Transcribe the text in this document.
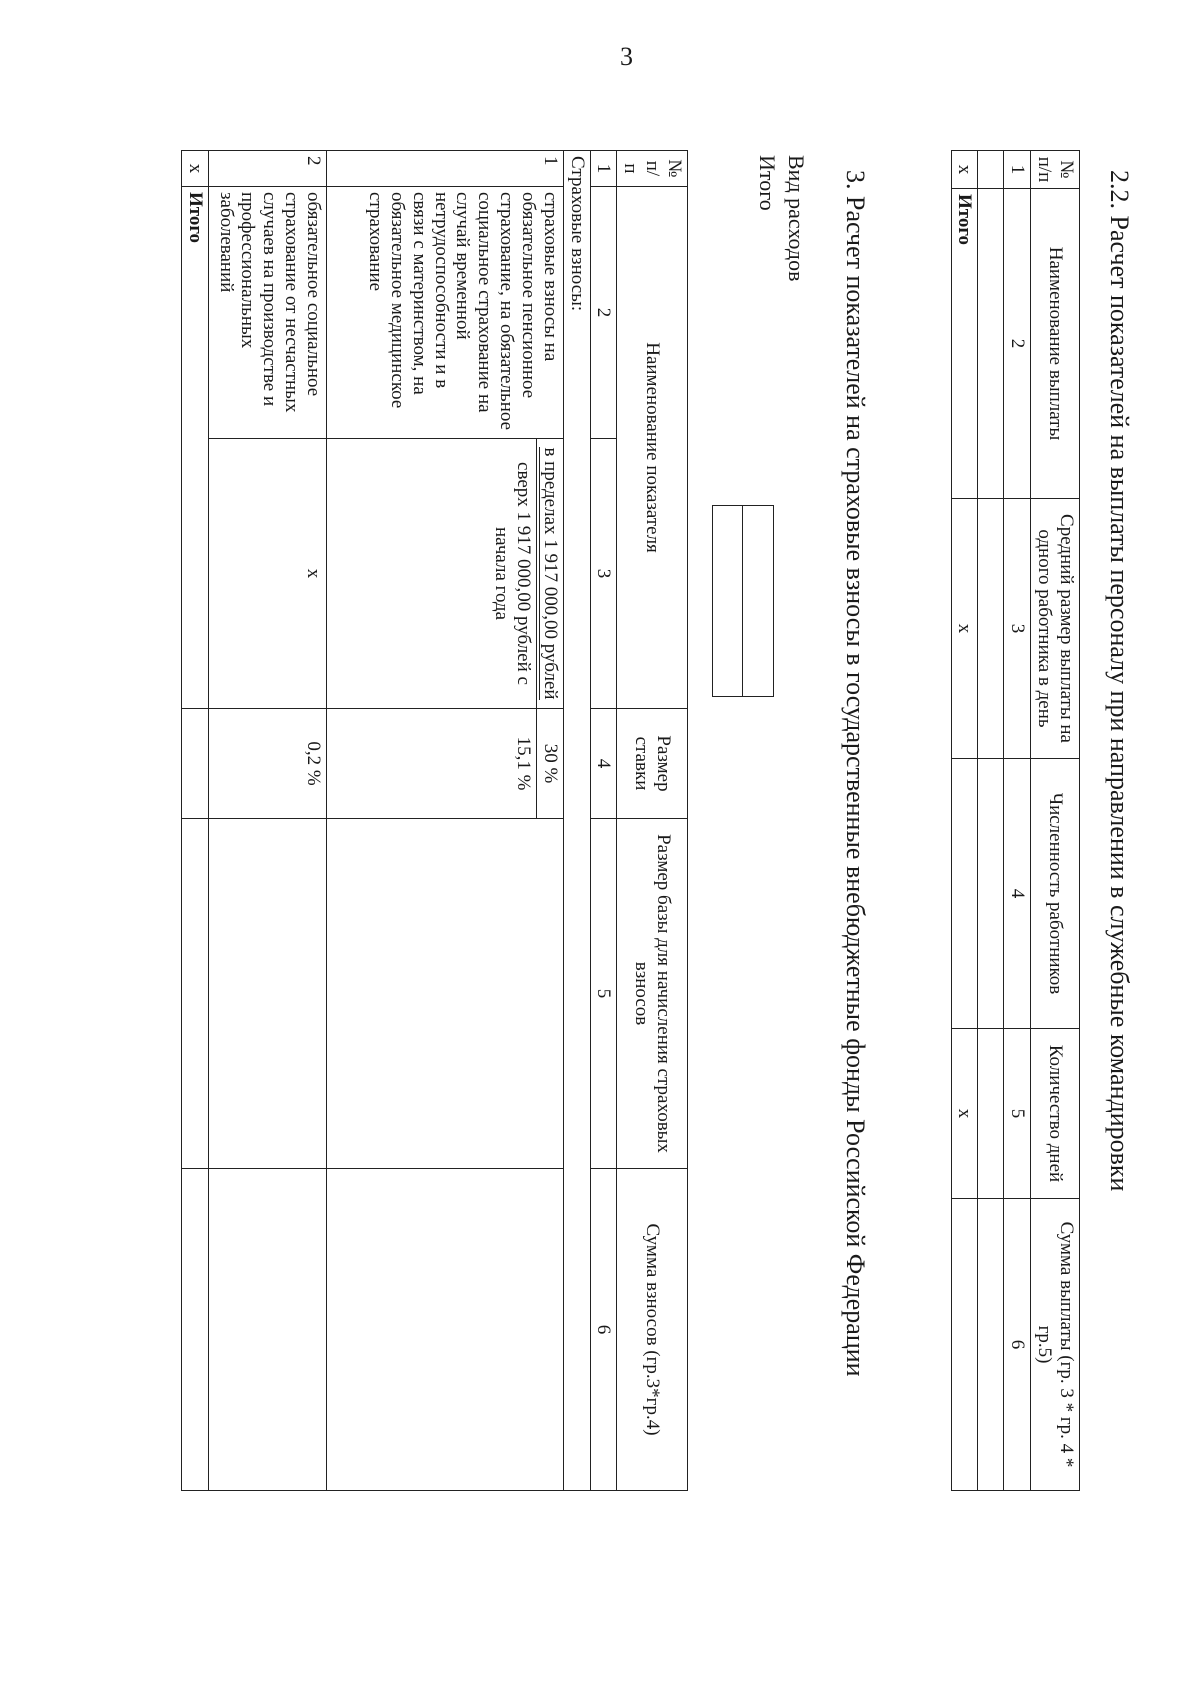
3
2.2. Расчет показателей на выплаты персоналу при направлении в служебные командировки
№ п/п	Наименование выплаты	Средний размер выплаты на одного работника в день	Численность работников	Количество дней	Сумма выплаты (гр. 3 * гр. 4 * гр.5)
1	2	3	4	5	6

х	Итого	х		х	
3. Расчет показателей на страховые взносы в государственные внебюджетные фонды Российской Федерации
Вид расходов
Итого
№ п/п	Наименование показателя		Размер ставки	Размер базы для начисления страховых взносов	Сумма взносов (гр.3*гр.4)
1	2	3	4	5	6
Страховые взносы:					
1	страховые взносы на обязательное пенсионное страхование, на обязательное социальное страхование на случай временной нетрудоспособности и в связи с материнством, на обязательное медицинское страхование	в пределах 1 917 000,00 рублей	30 %		
		сверх 1 917 000,00 рублей с начала года	15,1 %		
2	обязательное социальное страхование от несчастных случаев на производстве и профессиональных заболеваний	х	0,2 %		
х	Итого				
